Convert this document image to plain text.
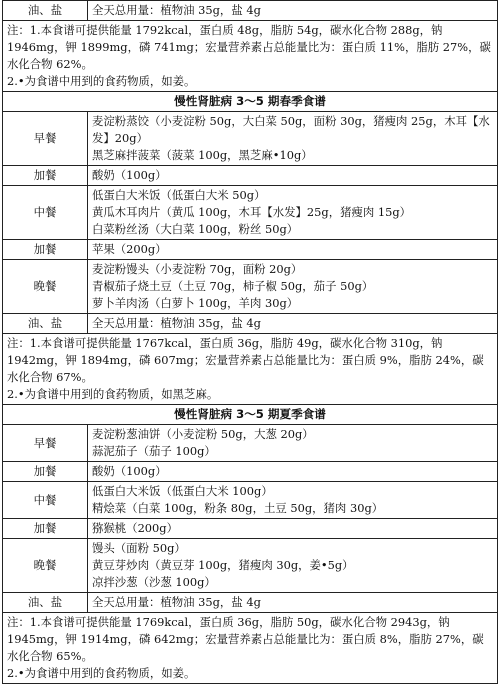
油、盐	全天总用量：植物油 35g，盐 4g

注：1.本食谱可提供能量 1792kcal，蛋白质 48g，脂肪 54g，碳水化合物 288g，钠 1946mg，钾 1899mg，磷 741mg；宏量营养素占总能量比为：蛋白质 11%，脂肪 27%，碳水化合物 62%。
2.•为食谱中用到的食药物质，如姜。	

慢性肾脏病 3～5 期春季食谱	
早餐	麦淀粉蒸饺（小麦淀粉 50g，大白菜 50g，面粉 30g，猪瘦肉 25g，木耳【水发】20g）
黑芝麻拌菠菜（菠菜 100g，黑芝麻•10g）

加餐	酸奶（100g）

中餐	低蛋白大米饭（低蛋白大米 50g）
黄瓜木耳肉片（黄瓜 100g，木耳【水发】25g，猪瘦肉 15g）
白菜粉丝汤（大白菜 100g，粉丝 50g）

加餐	苹果（200g）

晚餐	麦淀粉馒头（小麦淀粉 70g，面粉 20g）
青椒茄子烧土豆（土豆 70g，柿子椒 50g，茄子 50g）
萝卜羊肉汤（白萝卜 100g，羊肉 30g）

油、盐	全天总用量：植物油 35g，盐 4g

注：1.本食谱可提供能量 1767kcal，蛋白质 36g，脂肪 49g，碳水化合物 310g，钠 1942mg，钾 1894mg，磷 607mg；宏量营养素占总能量比为：蛋白质 9%，脂肪 24%，碳水化合物 67%。
2.•为食谱中用到的食药物质，如黑芝麻。	

慢性肾脏病 3～5 期夏季食谱	
早餐	麦淀粉葱油饼（小麦淀粉 50g，大葱 20g）
蒜泥茄子（茄子 100g）

加餐	酸奶（100g）

中餐	低蛋白大米饭（低蛋白大米 100g）
精烩菜（白菜 100g，粉条 80g，土豆 50g，猪肉 30g）

加餐	猕猴桃（200g）

晚餐	馒头（面粉 50g）
黄豆芽炒肉（黄豆芽 100g，猪瘦肉 30g，姜•5g）
凉拌沙葱（沙葱 100g）

油、盐	全天总用量：植物油 35g，盐 4g

注：1.本食谱可提供能量 1769kcal，蛋白质 36g，脂肪 50g，碳水化合物 2943g，钠 1945mg，钾 1914mg，磷 642mg；宏量营养素占总能量比为：蛋白质 8%，脂肪 27%，碳水化合物 65%。
2.•为食谱中用到的食药物质，如姜。	
